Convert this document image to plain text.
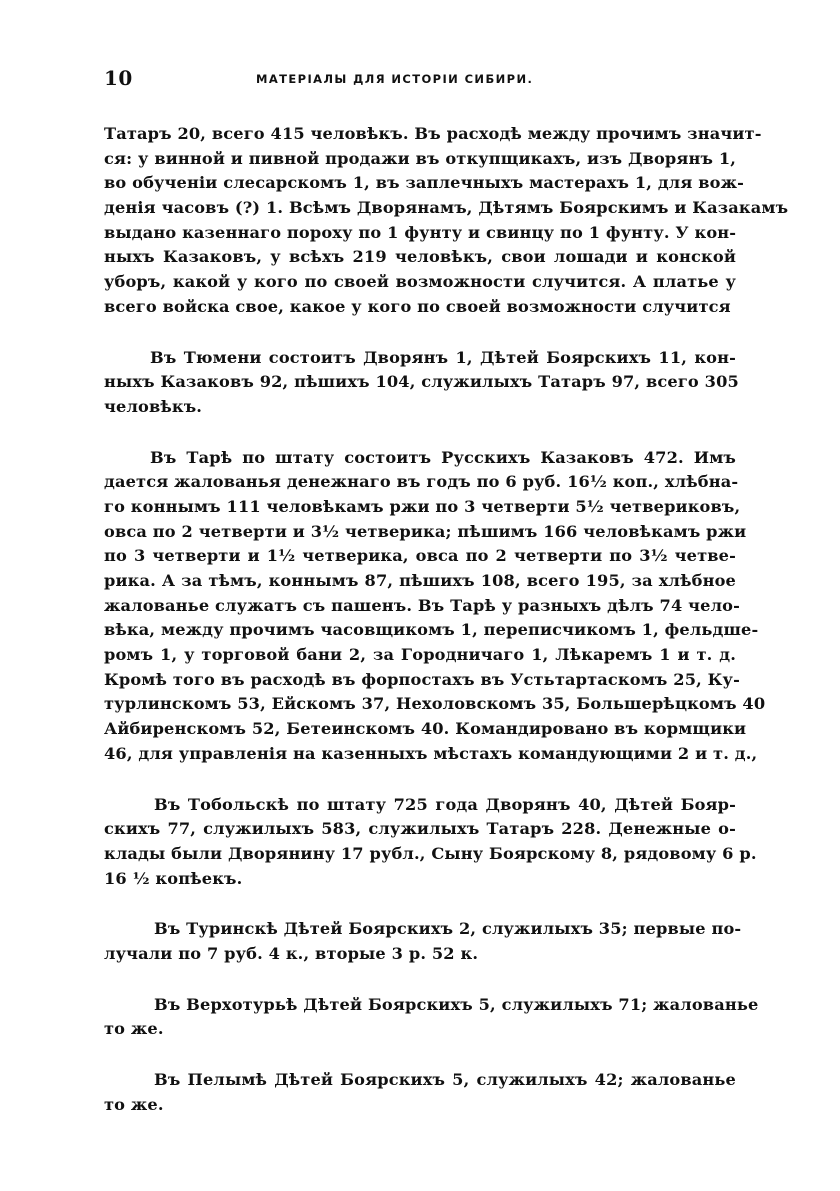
10	МАТЕРІАЛЫ ДЛЯ ИСТОРІИ СИБИРИ.
Татаръ 20, всего 415 человѣкъ. Въ расходѣ между прочимъ значит-
ся: у винной и пивной продажи въ откупщикахъ, изъ Дворянъ 1,
во обученіи слесарскомъ 1, въ заплечныхъ мастерахъ 1, для вож-
денія часовъ (?) 1. Всѣмъ Дворянамъ, Дѣтямъ Боярскимъ и Казакамъ
выдано казеннаго пороху по 1 фунту и свинцу по 1 фунту. У кон-
ныхъ Казаковъ, у всѣхъ 219 человѣкъ, свои лошади и конской
уборъ, какой у кого по своей возможности случится. А платье у
всего войска свое, какое у кого по своей возможности случится
Въ Тюмени состоитъ Дворянъ 1, Дѣтей Боярскихъ 11, кон-
ныхъ Казаковъ 92, пѣшихъ 104, служилыхъ Татаръ 97, всего 305
человѣкъ.
Въ Тарѣ по штату состоитъ Русскихъ Казаковъ 472. Имъ
дается жалованья денежнаго въ годъ по 6 руб. 16½ коп., хлѣбна-
го коннымъ 111 человѣкамъ ржи по 3 четверти 5½ четвериковъ,
овса по 2 четверти и 3½ четверика; пѣшимъ 166 человѣкамъ ржи
по 3 четверти и 1½ четверика, овса по 2 четверти по 3½ четве-
рика. А за тѣмъ, коннымъ 87, пѣшихъ 108, всего 195, за хлѣбное
жалованье служатъ съ пашенъ. Въ Тарѣ у разныхъ дѣлъ 74 чело-
вѣка, между прочимъ часовщикомъ 1, переписчикомъ 1, фельдше-
ромъ 1, у торговой бани 2, за Городничаго 1, Лѣкаремъ 1 и т. д.
Кромѣ того въ расходѣ въ форпостахъ въ Устьтартаскомъ 25, Ку-
турлинскомъ 53, Ейскомъ 37, Нехоловскомъ 35, Большерѣцкомъ 40
Айбиренскомъ 52, Бетеинскомъ 40. Командировано въ кормщики
46, для управленія на казенныхъ мѣстахъ командующими 2 и т. д.,
Въ Тобольскѣ по штату 725 года Дворянъ 40, Дѣтей Бояр-
скихъ 77, служилыхъ 583, служилыхъ Татаръ 228. Денежные о-
клады были Дворянину 17 рубл., Сыну Боярскому 8, рядовому 6 р.
16 ½ копѣекъ.
Въ Туринскѣ Дѣтей Боярскихъ 2, служилыхъ 35; первые по-
лучали по 7 руб. 4 к., вторые 3 р. 52 к.
Въ Верхотурьѣ Дѣтей Боярскихъ 5, служилыхъ 71; жалованье
то же.
Въ Пелымѣ Дѣтей Боярскихъ 5, служилыхъ 42; жалованье
то же.
